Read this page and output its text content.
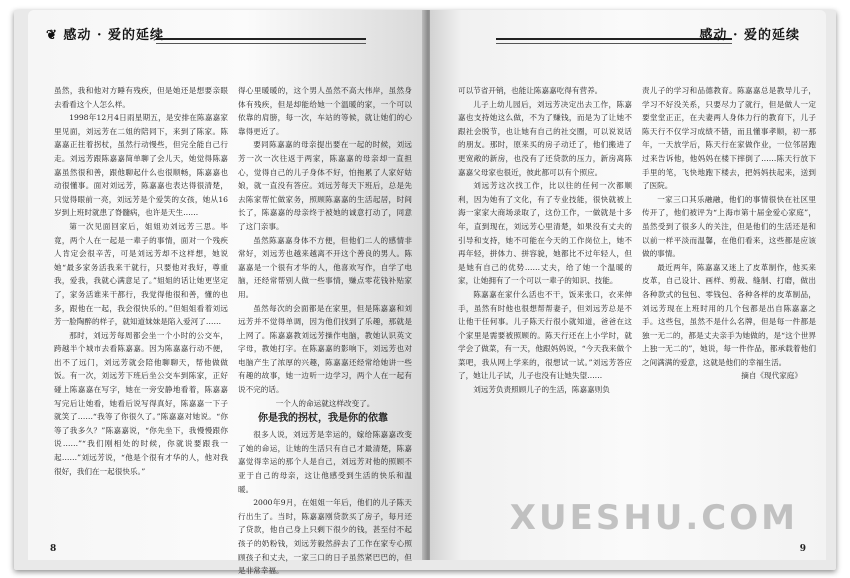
❦ 感动 · 爱的延续

虽然，我和他对方睡有残疾，但是她还是想要亲眼去看看这个人怎么样。

1998年12月4日雨星期五，是安排在陈嘉嘉家里见面，刘远芳在二姐的陪同下，来到了陈家。陈嘉嘉正拄着拐杖，虽然行动慢些，但完全能自己行走。刘远芳跟陈嘉嘉简单聊了会儿天，她觉得陈嘉嘉虽然很和善，跟他聊起什么也很顺畅，陈嘉嘉也动很懂事。面对刘远芳，陈嘉嘉也表达得很清楚，只觉得眼前一亮，刘远芳是个爱笑的女孩，她从16岁到上班时就患了脊髓病，也许是天生……

第一次见面回家后，姐姐劝刘远芳三思。毕竟，两个人在一起是一辈子的事情，面对一个残疾人肯定会很辛苦，可是刘远芳却不这样想，她说她“最多家务活我来干就行，只要他对我好，尊重我，爱我，我就心满意足了。”姐姐的话让她更坚定了，家务活谁来干都行，我觉得他很和善，懂的也多，跟他在一起，我会很快乐的。”但姐姐看着刘远芳一脸陶醉的样子，就知道妹妹是陷入爱河了……

那时，刘远芳每周都会坐一个小时的公交车，跨越半个城市去看陈嘉嘉。因为陈嘉嘉行动不便，出不了远门，刘远芳就会陪他聊聊天，帮他做做饭。有一次，刘远芳下班后坐公交车到陈家，正好碰上陈嘉嘉在写字，她在一旁安静地看着，陈嘉嘉写完后让她看，她看后说写得真好，陈嘉嘉一下子就笑了……“我等了你很久了。”陈嘉嘉对她说。“你等了我多久？”陈嘉嘉说，“你先坐下，我慢慢跟你说……”“我们刚相处的时候，你就说要跟我一起……”刘远芳说，“他是个很有才华的人，他对我很好，我们在一起很快乐。”

得心里暖暖的，这个男人虽然不高大伟岸，虽然身体有残疾，但是却能给她一个温暖的家，一个可以依靠的肩膀，每一次，车站的等候，就让她们的心靠得更近了。

要同陈嘉嘉的母亲提出要在一起的时候，刘远芳一次一次往返于两家，陈嘉嘉的母亲却一直担心，觉得自己的儿子身体不好，怕拖累了人家好姑娘，就一直没有答应。刘远芳每天下班后，总是先去陈家帮忙做家务，照顾陈嘉嘉的生活起居，时间长了，陈嘉嘉的母亲终于被她的诚意打动了，同意了这门亲事。

虽然陈嘉嘉身体不方便，但他们二人的感情非常好，刘远芳也越来越离不开这个善良的男人。陈嘉嘉是一个很有才华的人，他喜欢写作，自学了电脑，还经常帮别人做一些事情，赚点零花钱补贴家用。

虽然每次的会面都是在家里，但是陈嘉嘉和刘远芳并不觉得单调，因为他们找到了乐趣，那就是上网了。陈嘉嘉教刘远芳操作电脑，教她认识英文字母，教她打字。在陈嘉嘉的影响下，刘远芳也对电脑产生了浓厚的兴趣，陈嘉嘉还经常给她讲一些有趣的故事，她一边听一边学习，两个人在一起有说不完的话。

一个人的命运就这样改变了。

你是我的拐杖，我是你的依靠

很多人说，刘远芳是幸运的，嫁给陈嘉嘉改变了她的命运，让她的生活只有自己才最清楚，陈嘉嘉觉得幸运的那个人是自己，刘远芳对他的照顾不亚于自己的母亲，这让他感受到生活的快乐和温暖。

2000年9月，在姐姐一年后，他们的儿子陈天行出生了。当时，陈嘉嘉刚贷款买了房子，每月还了贷款，他自己身上只剩下很少的钱，甚至付不起孩子的奶粉钱，刘远芳毅然辞去了工作在家专心照顾孩子和丈夫，一家三口的日子虽然紧巴巴的，但是非常幸福。

8
感动 · 爱的延续

可以节省开销，也能让陈嘉嘉吃得有营养。

儿子上幼儿园后，刘远芳决定出去工作，陈嘉嘉也支持她这么做，不为了赚钱，而是为了让她不跟社会脱节，也让她有自己的社交圈，可以说说话的朋友。那时，原来买的房子动迁了，他们搬进了更宽敞的新房，也没有了还贷款的压力，新房离陈嘉嘉父母家也很近，彼此都可以有个照应。

刘远芳这次找工作，比以往的任何一次都顺利，因为她有了文化，有了专业技能，很快就被上海一家家大商场录取了，这份工作，一做就是十多年，直到现在，刘远芳心里清楚，如果没有丈夫的引导和支持，她不可能在今天的工作岗位上，她不再年轻，拼体力、拼容貌，她都比不过年轻人，但是她有自己的优势……丈夫，给了她一个温暖的家，让她拥有了一个可以一辈子的知识、技能。

陈嘉嘉在家什么活也不干，饭来张口，衣来伸手，虽然有时他也很想帮帮妻子，但刘远芳总是不让他干任何事。儿子陈天行很小就知道，爸爸在这个家里是需要被照顾的。陈天行还在上小学时，就学会了做菜，有一天，他跟妈妈说，“今天我来做个菜吧，我从网上学来的，很想试一试。”刘远芳答应了，她让儿子试，儿子也没有让她失望……

刘远芳负责照顾儿子的生活，陈嘉嘉则负

责儿子的学习和品德教育。陈嘉嘉总是教导儿子，学习不好没关系，只要尽力了就行，但是做人一定要堂堂正正，在夫妻两人身体力行的教育下，儿子陈天行不仅学习成绩不错，而且懂事孝顺，初一那年，一天放学后，陈天行在家做作业，一位邻居跑过来告诉他，他妈妈在楼下摔倒了……陈天行放下手里的笔，飞快地跑下楼去，把妈妈扶起来，送到了医院。

一家三口其乐融融，他们的事情很快在社区里传开了，他们被评为“上海市第十届金爱心家庭”，虽然受到了很多人的关注，但是他们的生活还是和以前一样平淡而温馨，在他们看来，这些都是应该做的事情。

最近两年，陈嘉嘉又迷上了皮革制作，他买来皮革，自己设计、画样、剪裁、缝制、打磨，做出各种款式的包包、零钱包、各种各样的皮革制品，刘远芳现在上班时用的几个包都是出自陈嘉嘉之手。这些包，虽然不是什么名牌，但是每一件都是独一无二的，都是丈夫亲手为她做的，是“这个世界上独一无二的”，她说，每一件作品，都承载着他们之间满满的爱意，这就是他们的幸福生活。

摘自《现代家庭》

9
XUESHU.COM
